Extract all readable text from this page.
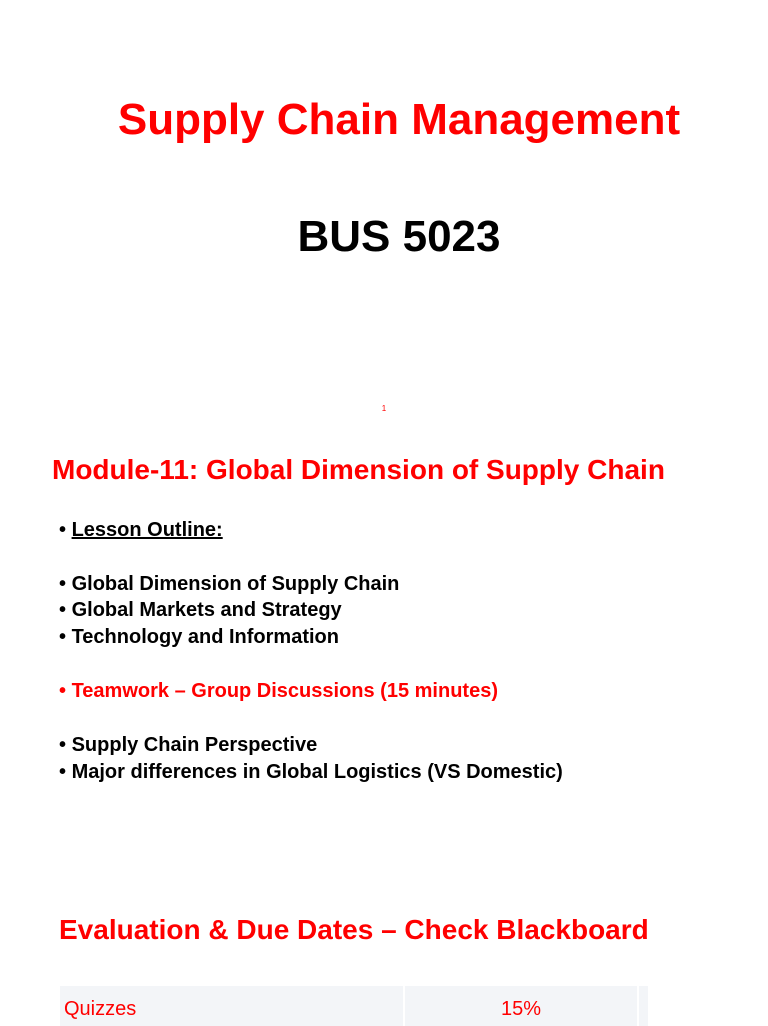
Supply Chain Management
BUS 5023
1
Module-11: Global Dimension of Supply Chain
• Lesson Outline:
• Global Dimension of Supply Chain
• Global Markets and Strategy
• Technology and Information
• Teamwork – Group Discussions (15 minutes)
• Supply Chain Perspective
• Major differences in Global Logistics (VS Domestic)
Evaluation & Due Dates – Check Blackboard
Quizzes	15%
